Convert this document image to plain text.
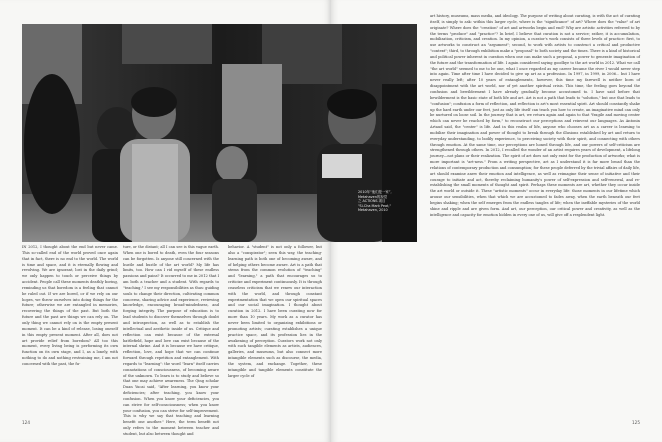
2010年“他们是一家”,
Metahaven的视觉
之 ACTIONS 项目
"Si-Cha Mark Peat,"
Metahaven, 2010

IN 2012, I thought about the end but never came. This so-called end of the world proved once again that in fact, there is no end to the world. The world is time and space, and it is eternally flowing and revolving. We are ignorant, lost in the daily grind; we only happen to touch or perceive things by accident. People call these moments deathly boring, reminding us that boredom is a feeling that cannot be ruled out. If we are bored, or if we rely on our hopes, we throw ourselves into doing things for the future; otherwise we are entangled in memories, recovering the things of the past. But both the future and the past are things we can rely on. The only thing we cannot rely on is the empty present moment. It can be a kind of release, losing oneself in this empty present moment. After all, does not art provide relief from boredom? All too this moment, every living being is performing its own function on its own stage, and I, as a lonely, with nothing to do and nothing restraining me, I am not concerned with the past, the fu-

ture, or the distant; all I can see is this vague earth. When one is bored to death, even the four seasons can be forgotten. Is anyone still concerned with the hustle and bustle of the art world? My life has limits, too. How can I rid myself of these endless passions and pains? It occurred to me in 2012 that I am both a teacher and a student. With regards to "teaching," I see my responsibilities as thus: guiding souls to change their direction, cultivating common concerns, sharing advice and experience, reviewing knowledge, encouraging broad-mindedness, and forging integrity. The purpose of education is to lead students to discover themselves through doubt and introspection, as well as to establish the intellectual and aesthetic inside of us. Critique and reflection can exist because of the external battlefield, hope and love can exist because of the internal shrine. And it is because we have critique, reflection, love, and hope that we can continue forward through repetition and entanglement. With regards to "learning": the word "learn" itself carries connotations of consciousness, of becoming aware of the unknown. To learn is to study and believe so that one may achieve awareness. The Qing scholar Duan Yucai said, "After learning, you know your deficiencies; after teaching, you know your confusion. When you know your deficiencies, you can strive for self-consciousness; when you know your confusion, you can strive for self-improvement. This is why we say that teaching and learning benefit one another." Here, the term benefit not only refers to the moment between teacher and student, but also between thought and

behavior. A "student" is not only a follower, but also a "conspirator"; seen this way, the teaching-learning path is both one of becoming aware, and of helping others become aware. Art is a path that stems from the common evolution of "teaching" and "learning," a path that encourages us to criticize and experiment continuously. It is through ceaseless criticism that we renew our interaction with the world, and through constant experimentation that we open our spiritual spaces and our social imagination. I thought about curation in 2012. I have been curating now for more than 10 years. My work as a curator has never been limited to organizing exhibitions or promoting artists; curating establishes a unique practice space, and its profession lies in the awakening of perception. Curators work not only with such tangible elements as artists, audiences, galleries, and museums, but also connect more intangible elements such as discourse, the media, the system, and exchange. Together, these intangible and tangible elements constitute the larger cycle of

art history, museums, mass media, and ideology. The purpose of writing about curating, is with the act of curating itself, is simply to ask: within this larger cycle, where is the "significance" of art? Where does the "value" of art originate? Where does the "creation" of art and artworks begin and end? Why are artistic activities referred to by the terms "produce" and "practice"? In brief, I believe that curation is not a service; rather, it is accumulation, mobilization, criticism, and creation. In my opinion, a curator's work consists of three levels of practice: first, to use artworks to construct an "argument"; second, to work with artists to construct a critical and productive "context"; third, to through exhibition make a "proposal" to both society and the times. There is a kind of historical and political power inherent in curation when one can make such a proposal, a power to generate imagination of the future and the transformation of life. I again considered saying goodbye to the art world in 2012. What we call "the art world" seemed to me to be one, what I once regarded as my career became the river I would never step into again. Time after time I have decided to give up art as a profession. In 1997, in 1999, in 2006... but I have never really left; after 10 years of entanglements, however, this time my farewell is neither born of disappointment with the art world, nor of yet another spiritual crisis. This time, the feeling goes beyond the confusion and bewilderment I have already gradually become accustomed to. I have said before that bewilderment is the basic state of both life and art. Art is not a path that leads to "solution," but one that leads to "confusion"; confusion a form of reflection, and reflection is art's most essential spirit. Art should constantly shake up the hard earth under our feet, just as only life itself can teach you how to create, an imaginative mind can only be nurtured on loose soil. In the journey that is art, we return again and again to that "fragile and moving center which can never be reached by form," to reconstruct our perceptions and reinvent our languages. As Antonin Artaud said, the "center" is life. And in this realm of life, anyone who chooses art as a career is learning to mobilize their imagination and power of thought to break through the illusions established by art and return to everyday understanding, to bodily experience, to perceiving society with their spirit, and connecting with others through emotion. At the same time, our perceptions are honed through life, and our powers of self-criticism are strengthened through others. In 2012, I recalled the wonder of an artist requires years of development, a lifelong journey—not plans or their realization. The spirit of art does not only exist for the production of artworks; what is more important is "art-ness." From a writing perspective, art as I understand it is far more broad than the relations of contemporary production and consumption; for these people deferred by the trivial affairs of daily life, art should examine anew their emotion and intelligence, as well as reimagine their sense of initiative and their courage to initiate and act, thereby reclaiming humanity's power of self-expression and self-renewal, and re-establishing the small moments of thought and spirit. Perhaps these moments are art, whether they occur inside the art world or outside it. These "artistic moments" occur in everyday life: those moments in our lifetime which arouse our sensibilities, when that which we are accustomed to fades away, when the earth beneath our feet begins shaking; when the self emerges from the endless tangles of life; when the ineffable mysteries of the world shine and ripple and are given form. And art, our perception, our critical power and creativity, as well as the intelligence and capacity for emotion hidden in every one of us, will give off a resplendent light.

124	125
